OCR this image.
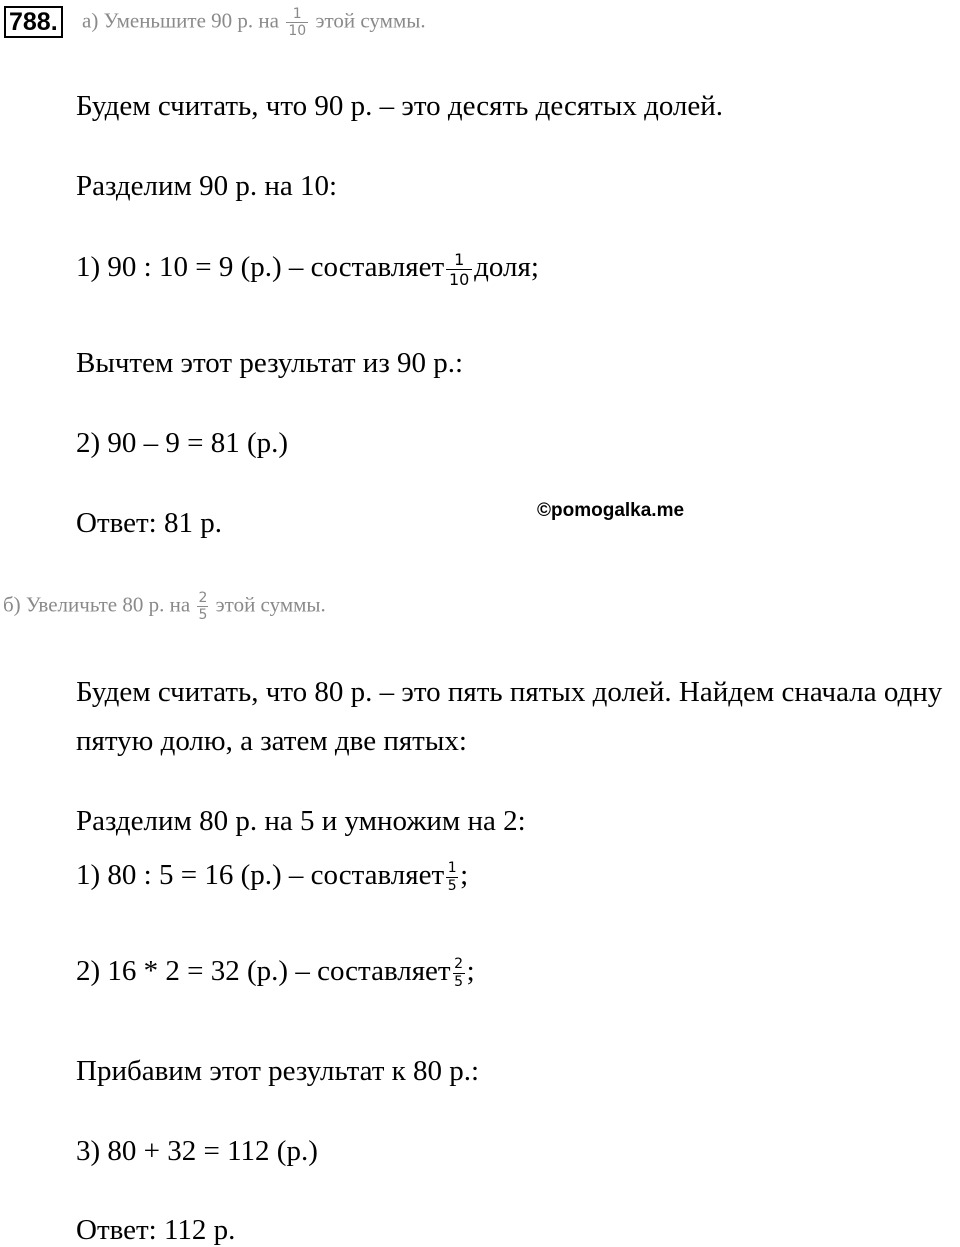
788. а) Уменьшите 90 р. на $\frac{1}{10}$ этой суммы.
Будем считать, что 90 р. – это десять десятых долей.
Разделим 90 р. на 10:
1) 90 : 10 = 9 (р.) – составляет $\frac{1}{10}$ доля;
Вычтем этот результат из 90 р.:
2) 90 – 9 = 81 (р.)
Ответ: 81 р.	©pomogalka.me
б) Увеличьте 80 р. на $\frac{2}{5}$ этой суммы.
Будем считать, что 80 р. – это пять пятых долей. Найдем сначала одну
пятую долю, а затем две пятых:
Разделим 80 р. на 5 и умножим на 2:
1) 80 : 5 = 16 (р.) – составляет $\frac{1}{5}$ ;
2) 16 * 2 = 32 (р.) – составляет $\frac{2}{5}$ ;
Прибавим этот результат к 80 р.:
3) 80 + 32 = 112 (р.)
Ответ: 112 р.
